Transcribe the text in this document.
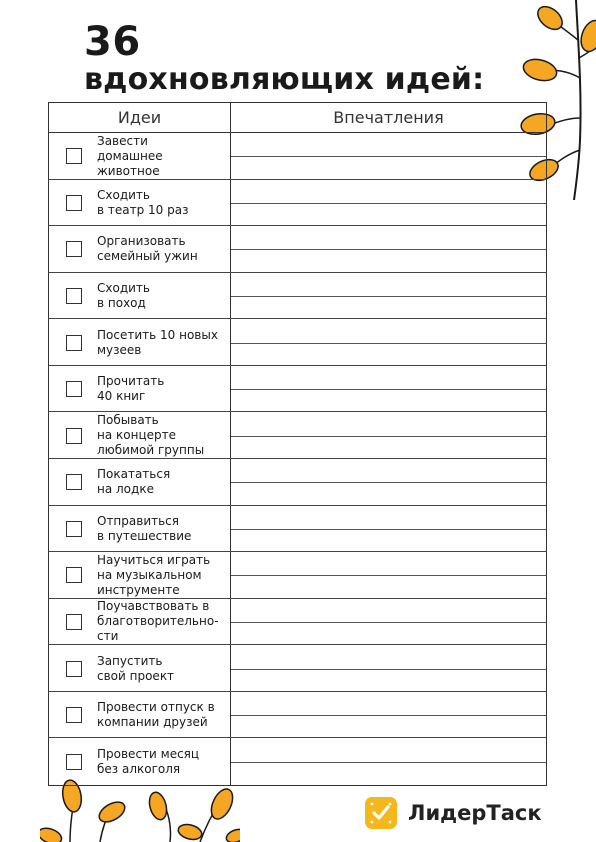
36
вдохновляющих идей:
Идеи	Впечатления
Завести
домашнее
животное
Сходить
в театр 10 раз
Организовать
семейный ужин
Сходить
в поход
Посетить 10 новых
музеев
Прочитать
40 книг
Побывать
на концерте
любимой группы
Покататься
на лодке
Отправиться
в путешествие
Научиться играть
на музыкальном
инструменте
Поучавствовать в
благотворительно-
сти
Запустить
свой проект
Провести отпуск в
компании друзей
Провести месяц
без алкоголя
ЛидерТаск
